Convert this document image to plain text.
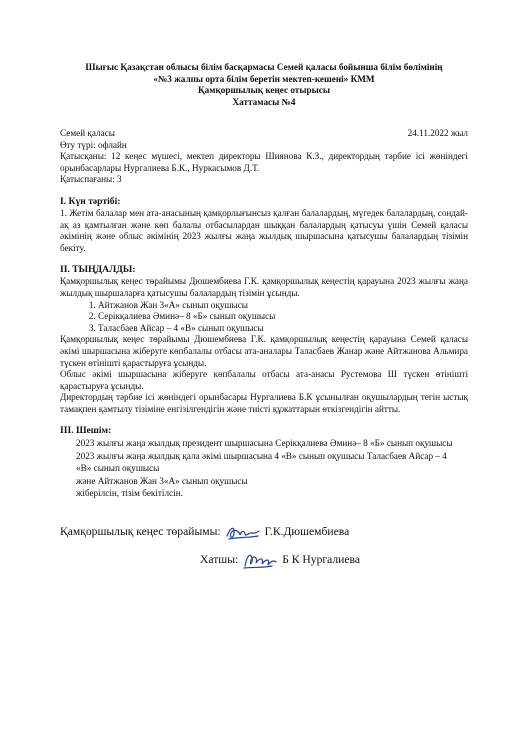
Шығыс Қазақстан облысы білім басқармасы Семей қаласы бойынша білім бөлімінің
«№3 жалпы орта білім беретін мектеп-кешені» КММ
Қамқоршылық кеңес отырысы
Хаттамасы №4
Семей қаласы	24.11.2022 жыл
Өту түрі: офлайн
Қатысқаны: 12 кеңес мүшесі, мектеп директоры Шиянова К.З., директордың тәрбие ісі жөніндегі орынбасарлары Нургалиева Б.К., Нуркасымов Д.Т.
Қатыспағаны: 3
I. Күн тәртібі:
1. Жетім балалар мен ата-анасының қамқорлығынсыз қалған балалардың, мүгедек балалардың, сондай-ақ аз қамтылған және көп балалы отбасылардан шыққан балалардың қатысуы үшін Семей қаласы әкімінің және облыс әкімінің 2023 жылғы жаңа жылдық шыршасына қатысушы балалардың тізімін бекіту.
II. ТЫҢДАЛДЫ:
Қамқоршылық кеңес төрайымы Дюшембиева Г.К. қамқоршылық кеңестің қарауына 2023 жылғы жаңа жылдық шыршаларға қатысушы балалардың тізімін ұсынды.
1. Айтжанов Жан 3«А» сынып оқушысы
2. Серікқалиева Әминә– 8 «Б» сынып оқушысы
3. Таласбаев Айсар – 4 «В» сынып оқушысы
Қамқоршылық кеңес төрайымы Дюшембиева Г.К. қамқоршылық кеңестің қарауына Семей қаласы әкімі шыршасына жіберуге көпбалалы отбасы ата-аналары Таласбаев Жанар және Айтжанова Альмира түскен өтінішті қарастыруға ұсынды.
Облыс әкімі шыршасына жіберуге көпбалалы отбасы ата-анасы Рустемова Ш түскен өтінішті қарастыруға ұсынды.
Директордың тәрбие ісі жөніндегі орынбасары Нургалиева Б.К ұсынылған оқушылардың тегін ыстық тамақпен қамтылу тізіміне енгізілгендігін және тиісті құжаттарын өткізгендігін айтты.
III. Шешім:
2023 жылғы жаңа жылдық президент шыршасына Серікқалиева Әминә– 8 «Б» сынып оқушысы
2023 жылғы жаңа жылдық қала әкімі шыршасына 4 «В» сынып оқушысы Таласбаев Айсар – 4 «В» сынып оқушысы
және Айтжанов Жан 3«А» сынып оқушысы
жіберілсін, тізім бекітілсін.
Қамқоршылық кеңес төрайымы:	Г.К.Дюшембиева
Хатшы:	Б К Нургалиева
